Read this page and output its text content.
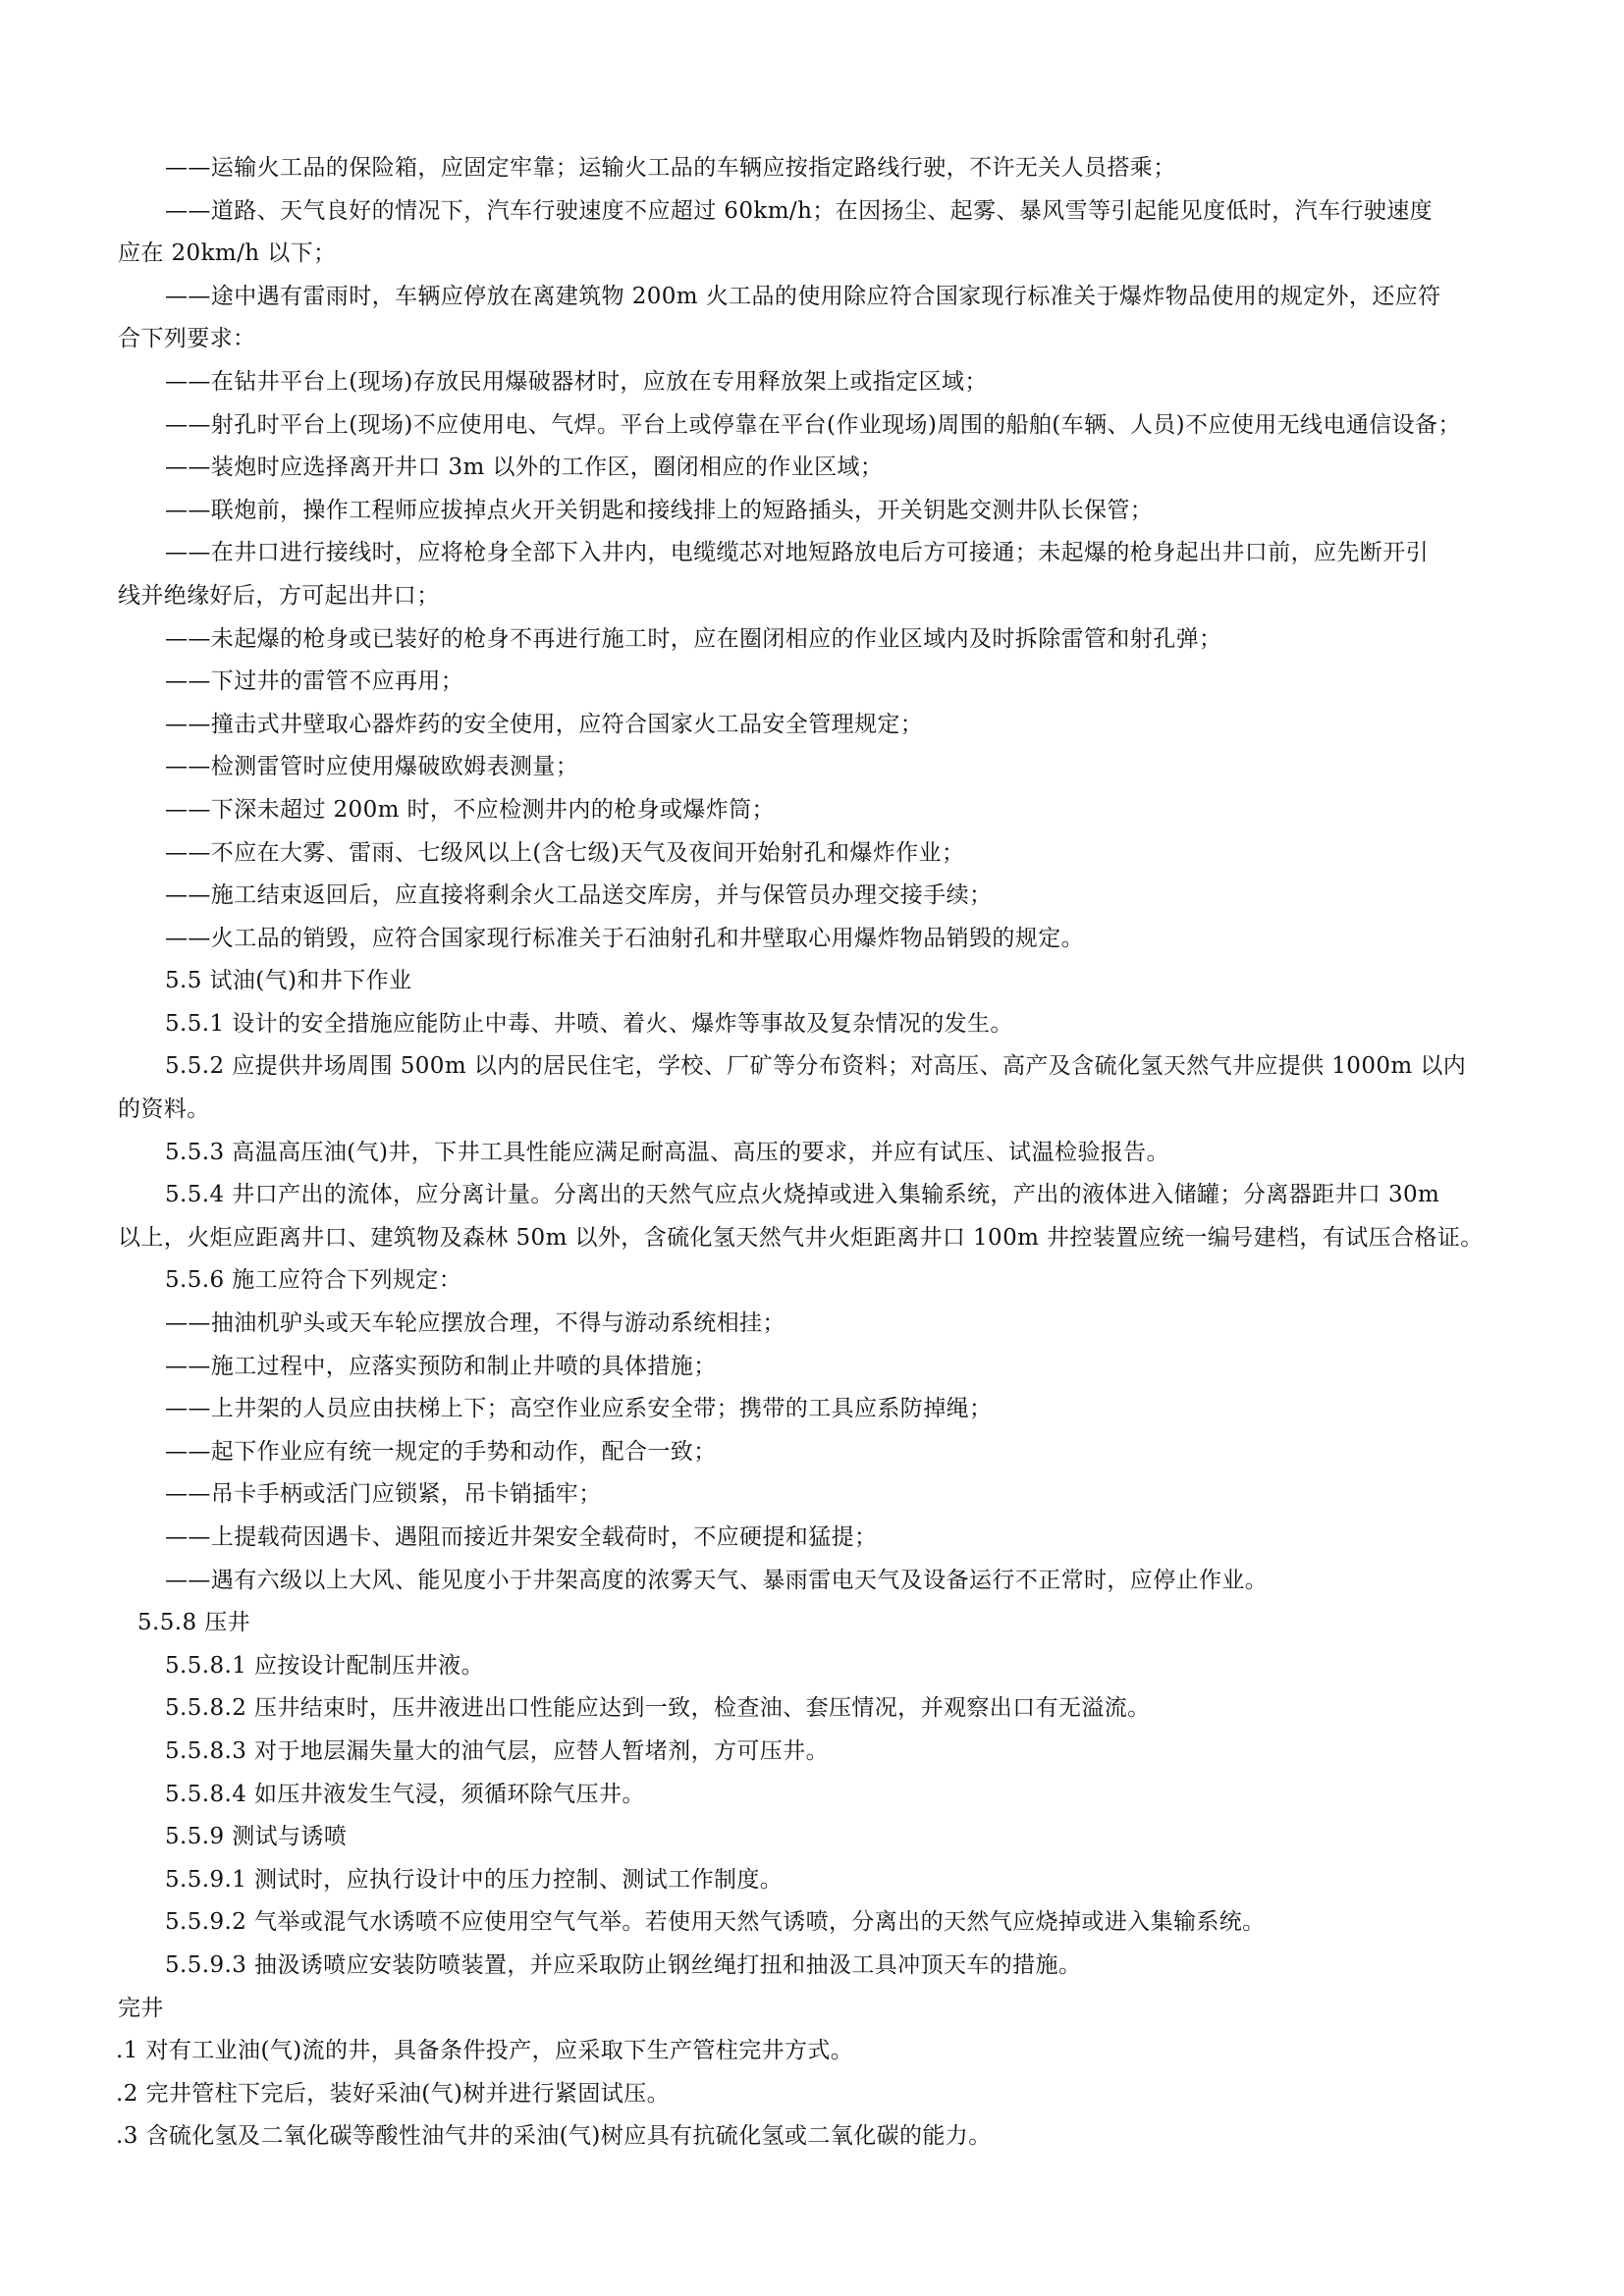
——运输火工品的保险箱，应固定牢靠；运输火工品的车辆应按指定路线行驶，不许无关人员搭乘；
——道路、天气良好的情况下，汽车行驶速度不应超过 60km/h；在因扬尘、起雾、暴风雪等引起能见度低时，汽车行驶速度
应在 20km/h 以下；
——途中遇有雷雨时，车辆应停放在离建筑物 200m 火工品的使用除应符合国家现行标准关于爆炸物品使用的规定外，还应符
合下列要求：
——在钻井平台上(现场)存放民用爆破器材时，应放在专用释放架上或指定区域；
——射孔时平台上(现场)不应使用电、气焊。平台上或停靠在平台(作业现场)周围的船舶(车辆、人员)不应使用无线电通信设备；
——装炮时应选择离开井口 3m 以外的工作区，圈闭相应的作业区域；
——联炮前，操作工程师应拔掉点火开关钥匙和接线排上的短路插头，开关钥匙交测井队长保管；
——在井口进行接线时，应将枪身全部下入井内，电缆缆芯对地短路放电后方可接通；未起爆的枪身起出井口前，应先断开引
线并绝缘好后，方可起出井口；
——未起爆的枪身或已装好的枪身不再进行施工时，应在圈闭相应的作业区域内及时拆除雷管和射孔弹；
——下过井的雷管不应再用；
——撞击式井壁取心器炸药的安全使用，应符合国家火工品安全管理规定；
——检测雷管时应使用爆破欧姆表测量；
——下深未超过 200m 时，不应检测井内的枪身或爆炸筒；
——不应在大雾、雷雨、七级风以上(含七级)天气及夜间开始射孔和爆炸作业；
——施工结束返回后，应直接将剩余火工品送交库房，并与保管员办理交接手续；
——火工品的销毁，应符合国家现行标准关于石油射孔和井壁取心用爆炸物品销毁的规定。
5.5 试油(气)和井下作业
5.5.1 设计的安全措施应能防止中毒、井喷、着火、爆炸等事故及复杂情况的发生。
5.5.2 应提供井场周围 500m 以内的居民住宅，学校、厂矿等分布资料；对高压、高产及含硫化氢天然气井应提供 1000m 以内
的资料。
5.5.3 高温高压油(气)井，下井工具性能应满足耐高温、高压的要求，并应有试压、试温检验报告。
5.5.4 井口产出的流体，应分离计量。分离出的天然气应点火烧掉或进入集输系统，产出的液体进入储罐；分离器距井口 30m
以上，火炬应距离井口、建筑物及森林 50m 以外，含硫化氢天然气井火炬距离井口 100m 井控装置应统一编号建档，有试压合格证。
5.5.6 施工应符合下列规定：
——抽油机驴头或天车轮应摆放合理，不得与游动系统相挂；
——施工过程中，应落实预防和制止井喷的具体措施；
——上井架的人员应由扶梯上下；高空作业应系安全带；携带的工具应系防掉绳；
——起下作业应有统一规定的手势和动作，配合一致；
——吊卡手柄或活门应锁紧，吊卡销插牢；
——上提载荷因遇卡、遇阻而接近井架安全载荷时，不应硬提和猛提；
——遇有六级以上大风、能见度小于井架高度的浓雾天气、暴雨雷电天气及设备运行不正常时，应停止作业。
5.5.8 压井
5.5.8.1 应按设计配制压井液。
5.5.8.2 压井结束时，压井液进出口性能应达到一致，检查油、套压情况，并观察出口有无溢流。
5.5.8.3 对于地层漏失量大的油气层，应替人暂堵剂，方可压井。
5.5.8.4 如压井液发生气浸，须循环除气压井。
5.5.9 测试与诱喷
5.5.9.1 测试时，应执行设计中的压力控制、测试工作制度。
5.5.9.2 气举或混气水诱喷不应使用空气气举。若使用天然气诱喷，分离出的天然气应烧掉或进入集输系统。
5.5.9.3 抽汲诱喷应安装防喷装置，并应采取防止钢丝绳打扭和抽汲工具冲顶天车的措施。
完井
.1 对有工业油(气)流的井，具备条件投产，应采取下生产管柱完井方式。
.2 完井管柱下完后，装好采油(气)树并进行紧固试压。
.3 含硫化氢及二氧化碳等酸性油气井的采油(气)树应具有抗硫化氢或二氧化碳的能力。
